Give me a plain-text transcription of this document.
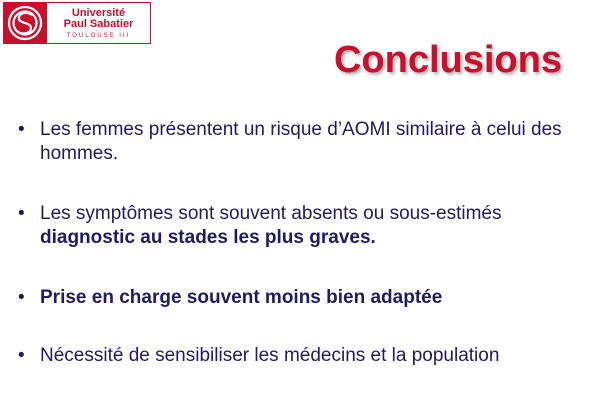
Université
Paul Sabatier
TOULOUSE III
Conclusions
• Les femmes présentent un risque d’AOMI similaire à celui des hommes.
• Les symptômes sont souvent absents ou sous-estimés
diagnostic au stades les plus graves.
• Prise en charge souvent moins bien adaptée
• Nécessité de sensibiliser les médecins et la population
